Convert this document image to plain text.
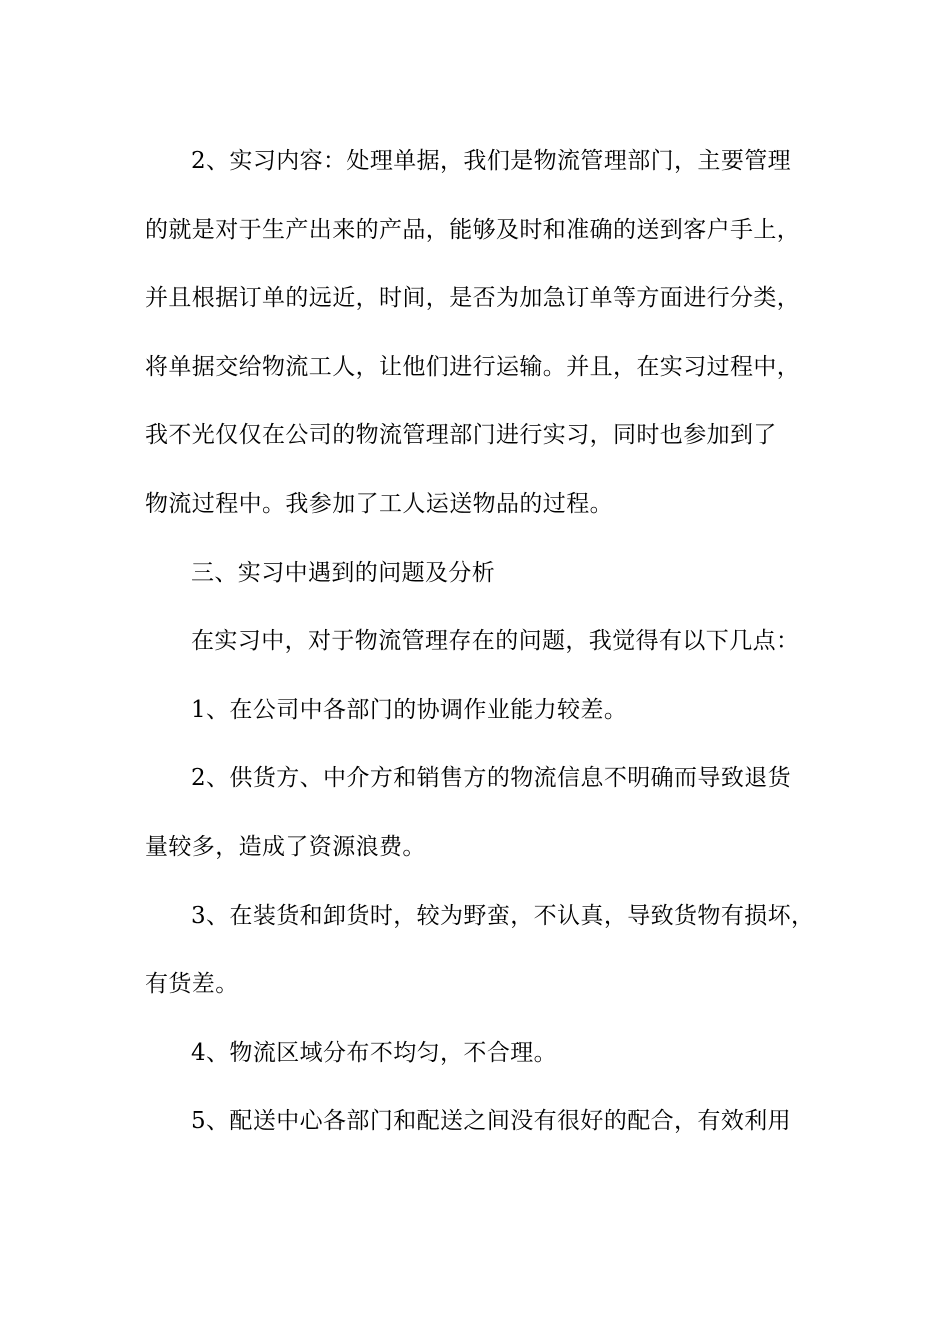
2、实习内容：处理单据，我们是物流管理部门，主要管理
的就是对于生产出来的产品，能够及时和准确的送到客户手上，
并且根据订单的远近，时间，是否为加急订单等方面进行分类，
将单据交给物流工人，让他们进行运输。并且，在实习过程中，
我不光仅仅在公司的物流管理部门进行实习，同时也参加到了
物流过程中。我参加了工人运送物品的过程。
三、实习中遇到的问题及分析
在实习中，对于物流管理存在的问题，我觉得有以下几点：
1、在公司中各部门的协调作业能力较差。
2、供货方、中介方和销售方的物流信息不明确而导致退货
量较多，造成了资源浪费。
3、在装货和卸货时，较为野蛮，不认真，导致货物有损坏，
有货差。
4、物流区域分布不均匀，不合理。
5、配送中心各部门和配送之间没有很好的配合，有效利用
